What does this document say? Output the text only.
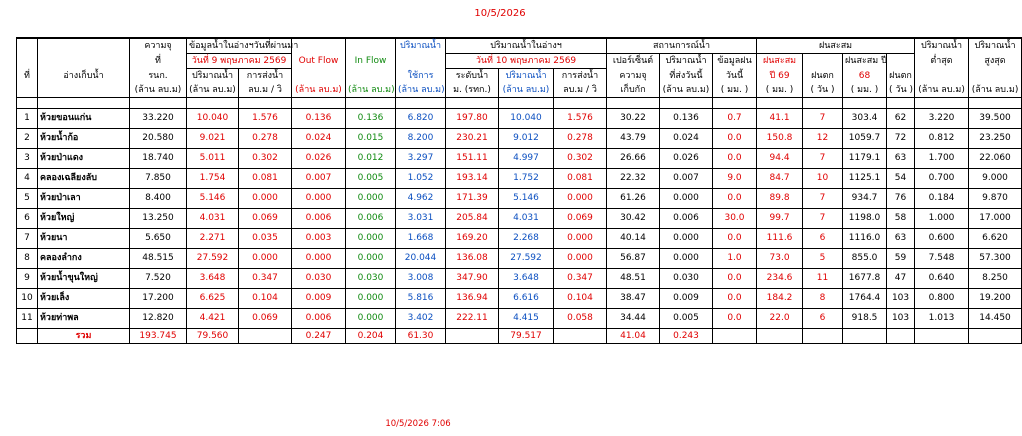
10/5/2026
		ความจุ	ข้อมูลน้ำในอ่างฯวันที่ผ่านมา				ปริมาณน้ำ	ปริมาณน้ำในอ่างฯ			สถานการณ์น้ำ			ฝนสะสม				ปริมาณน้ำ	ปริมาณน้ำ
		ที่	วันที่ 9 พฤษภาคม 2569		Out Flow	In Flow		วันที่ 10 พฤษภาคม 2569			เปอร์เซ็นต์	ปริมาณน้ำ	ข้อมูลฝน	ฝนสะสม		ฝนสะสม ปี		ต่ำสุด	สูงสุด
ที่	อ่างเก็บน้ำ	รนก.	ปริมาณน้ำ	การส่งน้ำ			ใช้การ	ระดับน้ำ	ปริมาณน้ำ	การส่งน้ำ	ความจุ	ที่ส่งวันนี้	วันนี้	ปี 69	ฝนตก	68	ฝนตก		
		(ล้าน ลบ.ม)	(ล้าน ลบ.ม)	ลบ.ม / วิ	(ล้าน ลบ.ม)	(ล้าน ลบ.ม)	(ล้าน ลบ.ม)	ม. (รทก.)	(ล้าน ลบ.ม)	ลบ.ม / วิ	เก็บกัก	(ล้าน ลบ.ม)	( มม. )	( มม. )	( วัน )	( มม. )	( วัน )	(ล้าน ลบ.ม)	(ล้าน ลบ.ม)

1	ห้วยขอนแก่น	33.220	10.040	1.576	0.136	0.136	6.820	197.80	10.040	1.576	30.22	0.136	0.7	41.1	7	303.4	62	3.220	39.500
2	ห้วยน้ำก้อ	20.580	9.021	0.278	0.024	0.015	8.200	230.21	9.012	0.278	43.79	0.024	0.0	150.8	12	1059.7	72	0.812	23.250
3	ห้วยป่าแดง	18.740	5.011	0.302	0.026	0.012	3.297	151.11	4.997	0.302	26.66	0.026	0.0	94.4	7	1179.1	63	1.700	22.060
4	คลองเฉลียงลับ	7.850	1.754	0.081	0.007	0.005	1.052	193.14	1.752	0.081	22.32	0.007	9.0	84.7	10	1125.1	54	0.700	9.000
5	ห้วยป่าเลา	8.400	5.146	0.000	0.000	0.000	4.962	171.39	5.146	0.000	61.26	0.000	0.0	89.8	7	934.7	76	0.184	9.870
6	ห้วยใหญ่	13.250	4.031	0.069	0.006	0.006	3.031	205.84	4.031	0.069	30.42	0.006	30.0	99.7	7	1198.0	58	1.000	17.000
7	ห้วยนา	5.650	2.271	0.035	0.003	0.000	1.668	169.20	2.268	0.000	40.14	0.000	0.0	111.6	6	1116.0	63	0.600	6.620
8	คลองลำกง	48.515	27.592	0.000	0.000	0.000	20.044	136.08	27.592	0.000	56.87	0.000	1.0	73.0	5	855.0	59	7.548	57.300
9	ห้วยน้ำขุนใหญ่	7.520	3.648	0.347	0.030	0.030	3.008	347.90	3.648	0.347	48.51	0.030	0.0	234.6	11	1677.8	47	0.640	8.250
10	ห้วยเล็ง	17.200	6.625	0.104	0.009	0.000	5.816	136.94	6.616	0.104	38.47	0.009	0.0	184.2	8	1764.4	103	0.800	19.200
11	ห้วยท่าพล	12.820	4.421	0.069	0.006	0.000	3.402	222.11	4.415	0.058	34.44	0.005	0.0	22.0	6	918.5	103	1.013	14.450
	รวม	193.745	79.560		0.247	0.204	61.30		79.517		41.04	0.243							
10/5/2026 7:06
